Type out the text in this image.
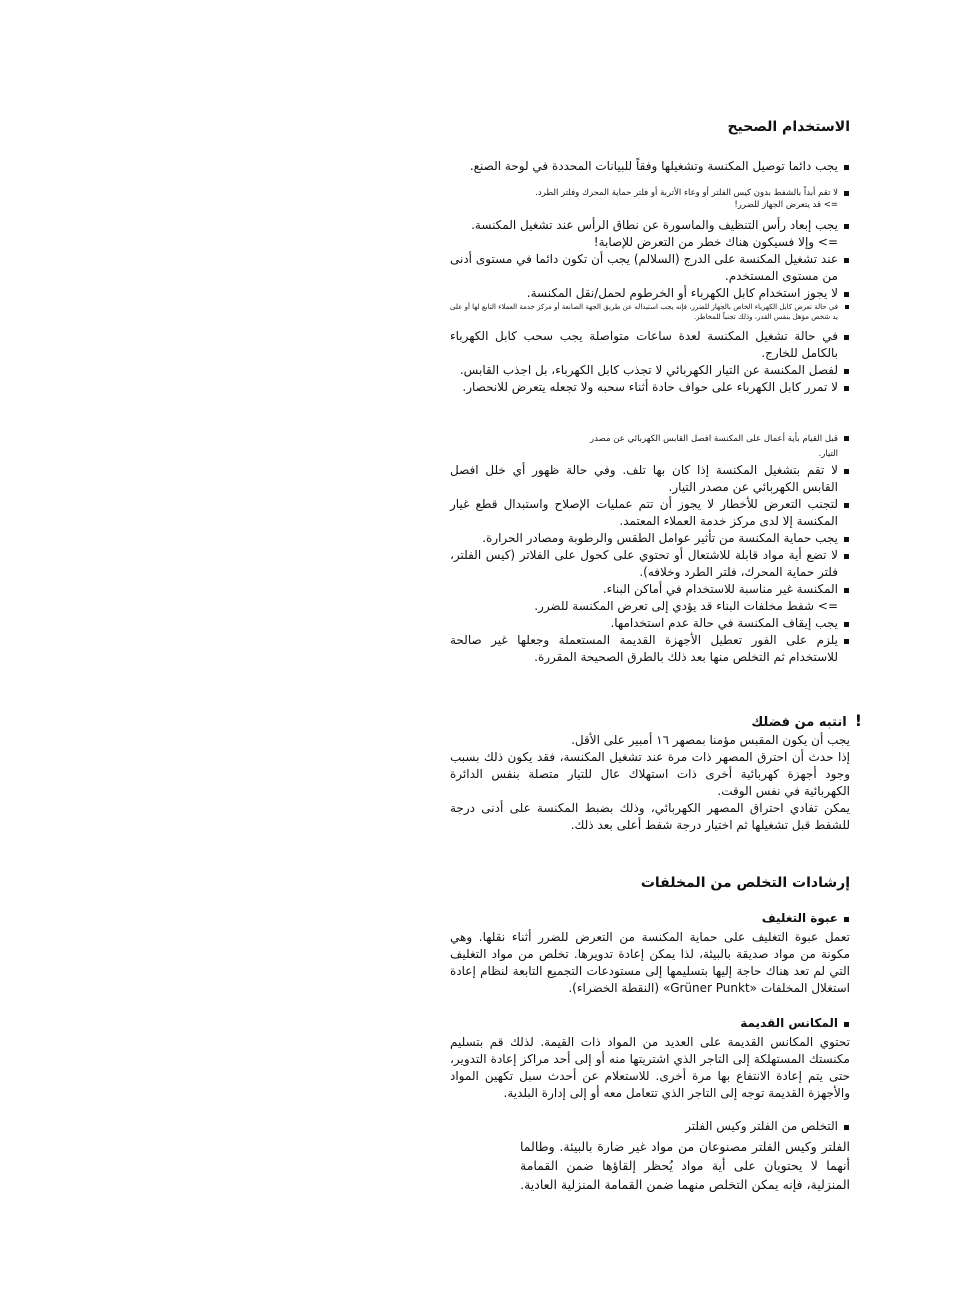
الاستخدام الصحيح
يجب دائما توصيل المكنسة وتشغيلها وفقاً للبيانات المحددة في لوحة الصنع.
لا تقم أبداً بالشفط بدون كيس الفلتر أو وعاء الأتربة أو فلتر حماية المحرك وفلتر الطرد.
=> قد يتعرض الجهاز للضرر!
يجب إبعاد رأس التنظيف والماسورة عن نطاق الرأس عند تشغيل المكنسة.
=> وإلا فسيكون هناك خطر من التعرض للإصابة!
عند تشغيل المكنسة على الدرج (السلالم) يجب أن تكون دائما في مستوى أدنى من مستوى المستخدم.
لا يجوز استخدام كابل الكهرباء أو الخرطوم لحمل/نقل المكنسة.
في حالة تعرض كابل الكهرباء الخاص بالجهاز للضرر، فإنه يجب استبداله عن طريق الجهة الصانعة أو مركز خدمة العملاء التابع لها أو على يد شخص مؤهل بنفس القدر، وذلك تجنباً للمخاطر.
في حالة تشغيل المكنسة لعدة ساعات متواصلة يجب سحب كابل الكهرباء بالكامل للخارج.
لفصل المكنسة عن التيار الكهربائي لا تجذب كابل الكهرباء، بل اجذب القابس.
لا تمرر كابل الكهرباء على حواف حادة أثناء سحبه ولا تجعله يتعرض للانحصار.
قبل القيام بأية أعمال على المكنسة افصل القابس الكهربائي عن مصدر التيار.
لا تقم بتشغيل المكنسة إذا كان بها تلف. وفي حالة ظهور أي خلل افصل القابس الكهربائي عن مصدر التيار.
لتجنب التعرض للأخطار لا يجوز أن تتم عمليات الإصلاح واستبدال قطع غيار المكنسة إلا لدى مركز خدمة العملاء المعتمد.
يجب حماية المكنسة من تأثير عوامل الطقس والرطوبة ومصادر الحرارة.
لا تضع أية مواد قابلة للاشتعال أو تحتوي على كحول على الفلاتر (كيس الفلتر، فلتر حماية المحرك، فلتر الطرد وخلافه).
المكنسة غير مناسبة للاستخدام في أماكن البناء.
=> شفط مخلفات البناء قد يؤدي إلى تعرض المكنسة للضرر.
يجب إيقاف المكنسة في حالة عدم استخدامها.
يلزم على الفور تعطيل الأجهزة القديمة المستعملة وجعلها غير صالحة للاستخدام ثم التخلص منها بعد ذلك بالطرق الصحيحة المقررة.
!انتبه من فضلك

يجب أن يكون المقبس مؤمنا بمصهر ١٦ أمبير على الأقل.

إذا حدث أن احترق المصهر ذات مرة عند تشغيل المكنسة، فقد يكون ذلك بسبب وجود أجهزة كهربائية أخرى ذات استهلاك عال للتيار متصلة بنفس الدائرة الكهربائية في نفس الوقت.

يمكن تفادي احتراق المصهر الكهربائي، وذلك بضبط المكنسة على أدنى درجة للشفط قبل تشغيلها ثم اختيار درجة شفط أعلى بعد ذلك.

إرشادات التخلص من المخلفات
عبوة التغليف

تعمل عبوة التغليف على حماية المكنسة من التعرض للضرر أثناء نقلها. وهي مكونة من مواد صديقة بالبيئة، لذا يمكن إعادة تدويرها. تخلص من مواد التغليف التي لم تعد هناك حاجة إليها بتسليمها إلى مستودعات التجميع التابعة لنظام إعادة استغلال المخلفات «Grüner Punkt» (النقطة الخضراء).

المكانس القديمة

تحتوي المكانس القديمة على العديد من المواد ذات القيمة. لذلك قم بتسليم مكنستك المستهلكة إلى التاجر الذي اشتريتها منه أو إلى أحد مراكز إعادة التدوير، حتى يتم إعادة الانتفاع بها مرة أخرى. للاستعلام عن أحدث سبل تكهين المواد والأجهزة القديمة توجه إلى التاجر الذي تتعامل معه أو إلى إدارة البلدية.

التخلص من الفلتر وكيس الفلتر

الفلتر وكيس الفلتر مصنوعان من مواد غير ضارة بالبيئة. وطالما أنهما لا يحتويان على أية مواد يُحظر إلقاؤها ضمن القمامة المنزلية، فإنه يمكن التخلص منهما ضمن القمامة المنزلية العادية.
